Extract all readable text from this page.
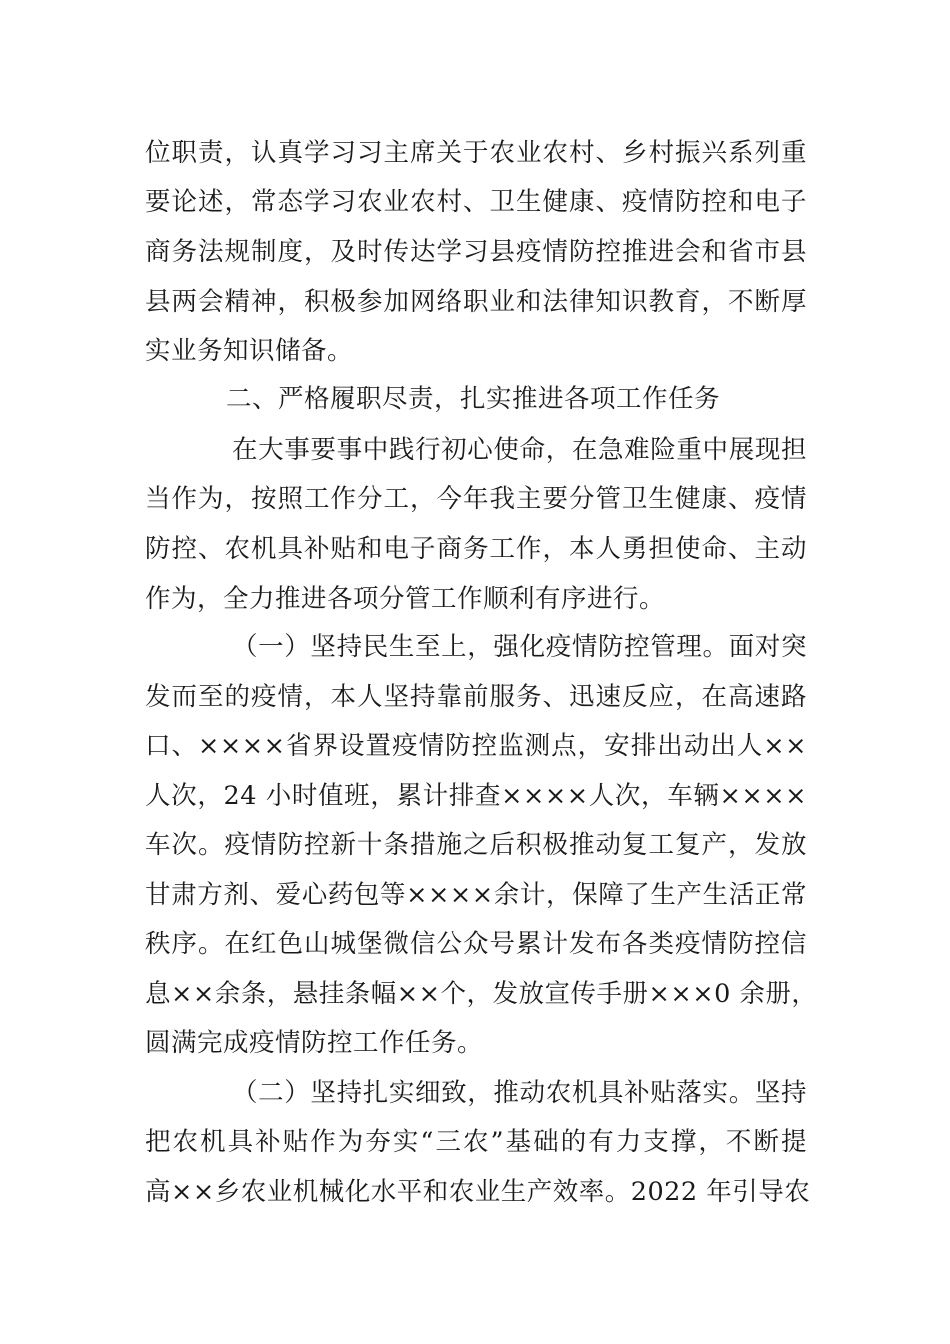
位职责，认真学习习主席关于农业农村、乡村振兴系列重
要论述，常态学习农业农村、卫生健康、疫情防控和电子
商务法规制度，及时传达学习县疫情防控推进会和省市县
县两会精神，积极参加网络职业和法律知识教育，不断厚
实业务知识储备。
二、严格履职尽责，扎实推进各项工作任务
在大事要事中践行初心使命，在急难险重中展现担
当作为，按照工作分工，今年我主要分管卫生健康、疫情
防控、农机具补贴和电子商务工作，本人勇担使命、主动
作为，全力推进各项分管工作顺利有序进行。
（一）坚持民生至上，强化疫情防控管理。面对突
发而至的疫情，本人坚持靠前服务、迅速反应，在高速路
口、××××省界设置疫情防控监测点，安排出动出人××
人次，24 小时值班，累计排查××××人次，车辆××××
车次。疫情防控新十条措施之后积极推动复工复产，发放
甘肃方剂、爱心药包等××××余计，保障了生产生活正常
秩序。在红色山城堡微信公众号累计发布各类疫情防控信
息××余条，悬挂条幅××个，发放宣传手册×××0 余册，
圆满完成疫情防控工作任务。
（二）坚持扎实细致，推动农机具补贴落实。坚持
把农机具补贴作为夯实“三农”基础的有力支撑，不断提
高××乡农业机械化水平和农业生产效率。2022 年引导农
